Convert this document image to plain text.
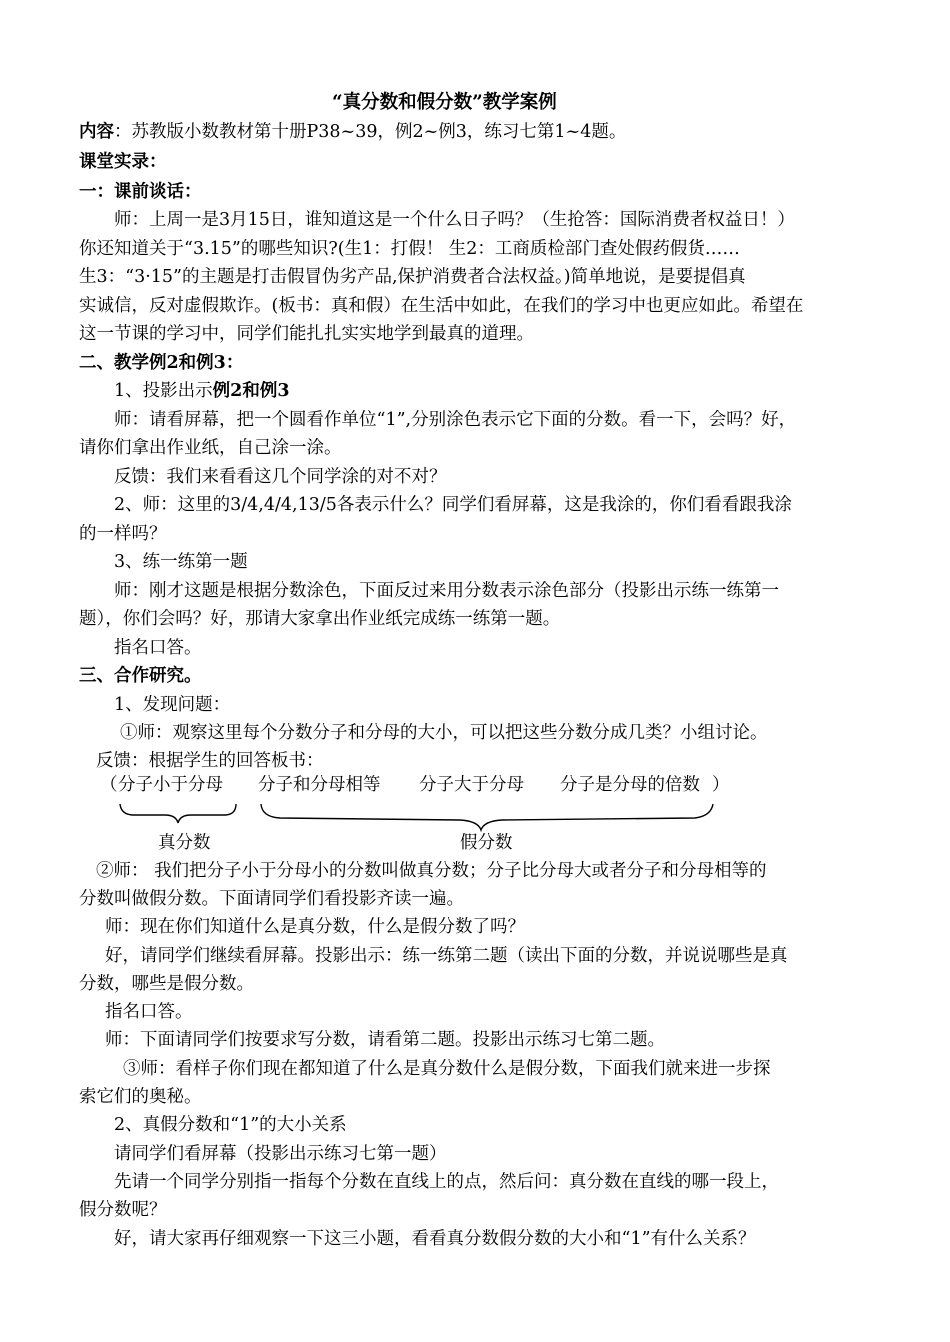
“真分数和假分数”教学案例
内容：苏教版小数教材第十册P38~39，例2~例3，练习七第1~4题。
课堂实录：
一：课前谈话：
师：上周一是3月15日，谁知道这是一个什么日子吗？（生抢答：国际消费者权益日！）
你还知道关于“3.15”的哪些知识?(生1：打假！ 生2：工商质检部门查处假药假货……
生3：“3·15”的主题是打击假冒伪劣产品,保护消费者合法权益。)简单地说，是要提倡真
实诚信，反对虚假欺诈。(板书：真和假）在生活中如此，在我们的学习中也更应如此。希望在
这一节课的学习中，同学们能扎扎实实地学到最真的道理。
二、教学例2和例3：
1、投影出示例2和例3
师：请看屏幕，把一个圆看作单位“1”,分别涂色表示它下面的分数。看一下，会吗？好，
请你们拿出作业纸，自己涂一涂。
反馈：我们来看看这几个同学涂的对不对？
2、师：这里的3/4,4/4,13/5各表示什么？同学们看屏幕，这是我涂的，你们看看跟我涂
的一样吗？
3、练一练第一题
师：刚才这题是根据分数涂色，下面反过来用分数表示涂色部分（投影出示练一练第一
题），你们会吗？好，那请大家拿出作业纸完成练一练第一题。
指名口答。
三、合作研究。
1、发现问题：
①师：观察这里每个分数分子和分母的大小，可以把这些分数分成几类？小组讨论。
反馈：根据学生的回答板书：
（ 分子小于分母 分子和分母相等 分子大于分母 分子是分母的倍数 ）
真分数	假分数
②师： 我们把分子小于分母小的分数叫做真分数；分子比分母大或者分子和分母相等的
分数叫做假分数。下面请同学们看投影齐读一遍。
师：现在你们知道什么是真分数，什么是假分数了吗？
好，请同学们继续看屏幕。投影出示：练一练第二题（读出下面的分数，并说说哪些是真
分数，哪些是假分数。
指名口答。
师：下面请同学们按要求写分数，请看第二题。投影出示练习七第二题。
③师：看样子你们现在都知道了什么是真分数什么是假分数，下面我们就来进一步探
索它们的奥秘。
2、真假分数和“1”的大小关系
请同学们看屏幕（投影出示练习七第一题）
先请一个同学分别指一指每个分数在直线上的点，然后问：真分数在直线的哪一段上，
假分数呢？
好，请大家再仔细观察一下这三小题，看看真分数假分数的大小和“1”有什么关系？
